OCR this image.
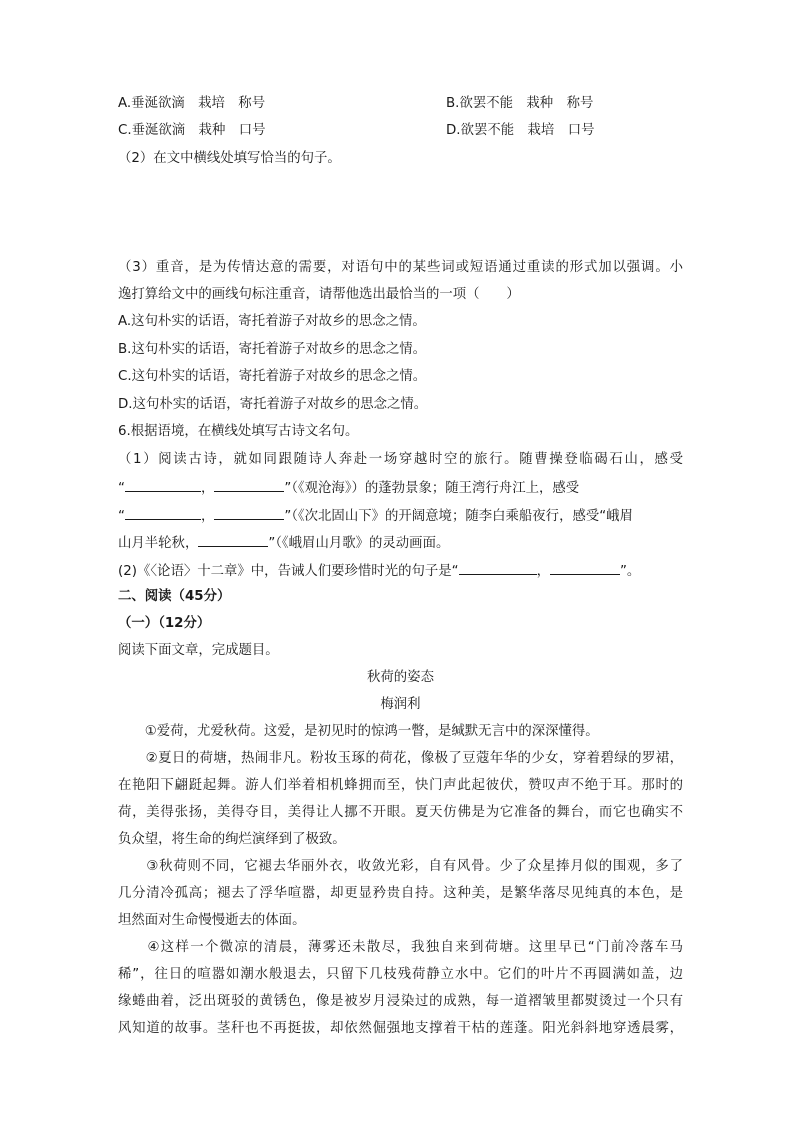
A.垂涎欲滴　栽培　称号	B.欲罢不能　栽种　称号
C.垂涎欲滴　栽种　口号	D.欲罢不能　栽培　口号
（2）在文中横线处填写恰当的句子。
（3）重音，是为传情达意的需要，对语句中的某些词或短语通过重读的形式加以强调。小
逸打算给文中的画线句标注重音，请帮他选出最恰当的一项（　　）
A.这句朴实的话语，寄托着游子对故乡的思念之情。
B.这句朴实的话语，寄托着游子对故乡的思念之情。
C.这句朴实的话语，寄托着游子对故乡的思念之情。
D.这句朴实的话语，寄托着游子对故乡的思念之情。
6.根据语境，在横线处填写古诗文名句。
（1）阅读古诗，就如同跟随诗人奔赴一场穿越时空的旅行。随曹操登临碣石山，感受
“	，	”（《观沧海》）的蓬勃景象；随王湾行舟江上，感受
“	，	”（《次北固山下》的开阔意境；随李白乘船夜行，感受“峨眉
山月半轮秋，	”（《峨眉山月歌》的灵动画面。
(2)《〈论语〉十二章》中，告诫人们要珍惜时光的句子是“	，	”。
二、阅读（45分）
（一）（12分）
阅读下面文章，完成题目。
秋荷的姿态
梅润利
　　①爱荷，尤爱秋荷。这爱，是初见时的惊鸿一瞥，是缄默无言中的深深懂得。
　　②夏日的荷塘，热闹非凡。粉妆玉琢的荷花，像极了豆蔻年华的少女，穿着碧绿的罗裙，
在艳阳下翩跹起舞。游人们举着相机蜂拥而至，快门声此起彼伏，赞叹声不绝于耳。那时的
荷，美得张扬，美得夺目，美得让人挪不开眼。夏天仿佛是为它准备的舞台，而它也确实不
负众望，将生命的绚烂演绎到了极致。
　　③秋荷则不同，它褪去华丽外衣，收敛光彩，自有风骨。少了众星捧月似的围观，多了
几分清冷孤高；褪去了浮华喧嚣，却更显矜贵自持。这种美，是繁华落尽见纯真的本色，是
坦然面对生命慢慢逝去的体面。
　　④这样一个微凉的清晨，薄雾还未散尽，我独自来到荷塘。这里早已“门前冷落车马
稀”，往日的喧嚣如潮水般退去，只留下几枝残荷静立水中。它们的叶片不再圆满如盖，边
缘蜷曲着，泛出斑驳的黄锈色，像是被岁月浸染过的成熟，每一道褶皱里都熨烫过一个只有
风知道的故事。茎秆也不再挺拔，却依然倔强地支撑着干枯的莲蓬。阳光斜斜地穿透晨雾，
